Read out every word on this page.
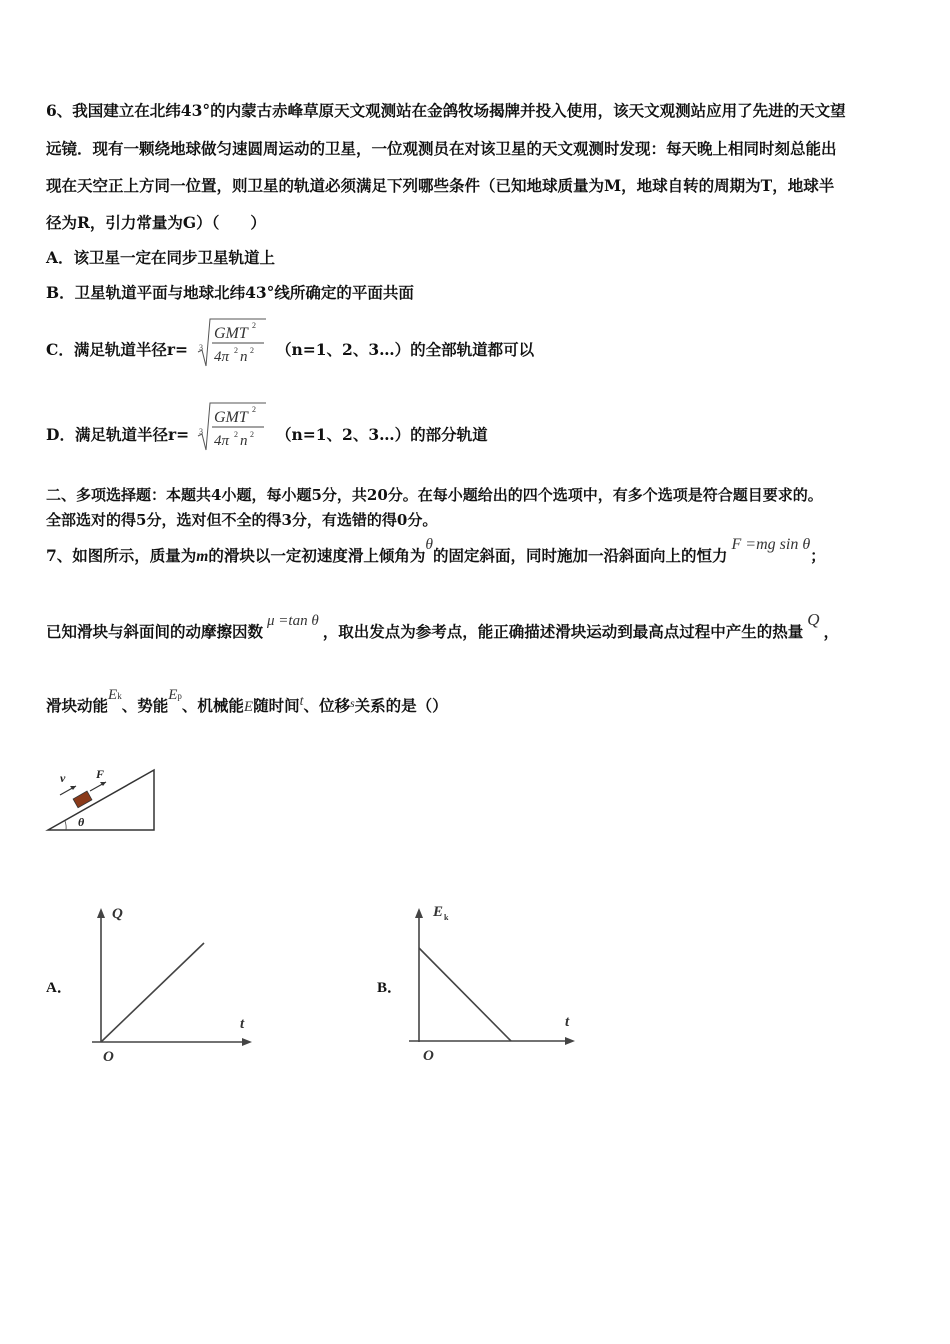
6、我国建立在北纬43°的内蒙古赤峰草原天文观测站在金鸽牧场揭牌并投入使用，该天文观测站应用了先进的天文望
远镜．现有一颗绕地球做匀速圆周运动的卫星，一位观测员在对该卫星的天文观测时发现：每天晚上相同时刻总能出
现在天空正上方同一位置，则卫星的轨道必须满足下列哪些条件（已知地球质量为M，地球自转的周期为T，地球半
径为R，引力常量为G）（　　）
A．该卫星一定在同步卫星轨道上
B．卫星轨道平面与地球北纬43°线所确定的平面共面
C．满足轨道半径r= 3
GMT 2
4π 2 n 2 （n=1、2、3…）的全部轨道都可以
D．满足轨道半径r= 3
GMT 2
4π 2 n 2 （n=1、2、3…）的部分轨道
二、多项选择题：本题共4小题，每小题5分，共20分。在每小题给出的四个选项中，有多个选项是符合题目要求的。
全部选对的得5分，选对但不全的得3分，有选错的得0分。
7、如图所示，质量为m的滑块以一定初速度滑上倾角为θ的固定斜面，同时施加一沿斜面向上的恒力F =mg sin θ；
已知滑块与斜面间的动摩擦因数μ =tan θ，取出发点为参考点，能正确描述滑块运动到最高点过程中产生的热量Q，
滑块动能Ek、势能Ep、机械能E随时间t、位移$^s$关系的是（）
v	F
θ
A．
Q
t
O
B．
E k
t
O
